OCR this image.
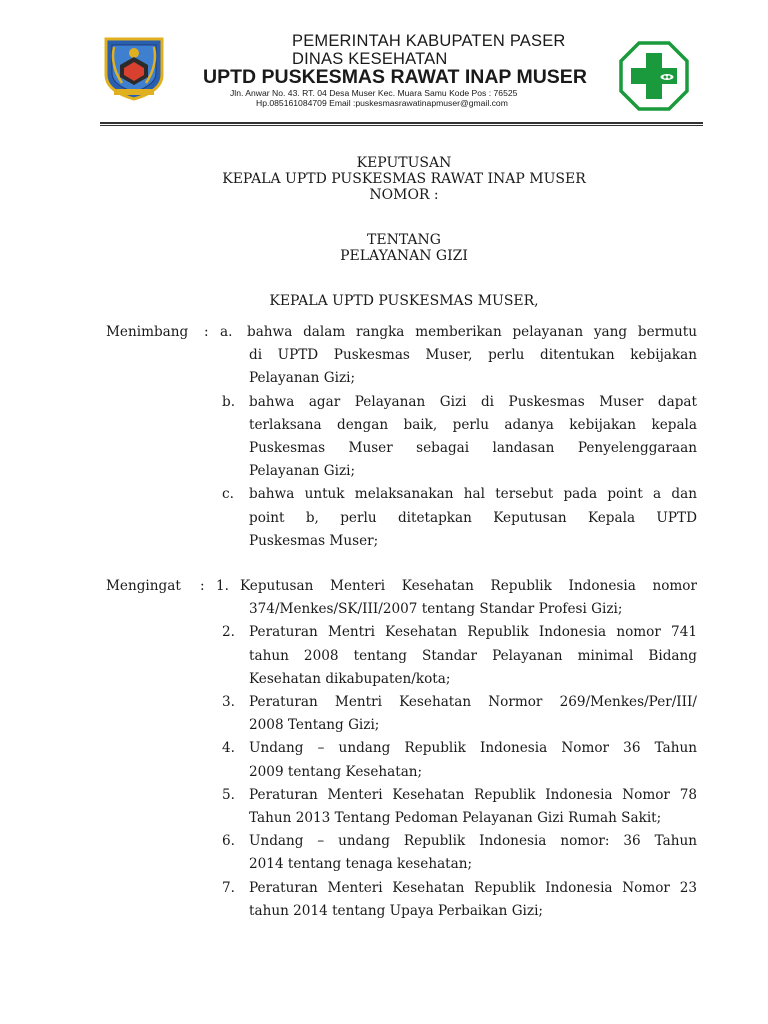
PEMERINTAH KABUPATEN PASER
DINAS KESEHATAN
UPTD PUSKESMAS RAWAT INAP MUSER
Jln. Anwar No. 43. RT. 04 Desa Muser Kec. Muara Samu Kode Pos : 76525
Hp.085161084709 Email :puskesmasrawatinapmuser@gmail.com
KEPUTUSAN
KEPALA UPTD PUSKESMAS RAWAT INAP MUSER
NOMOR :
TENTANG
PELAYANAN GIZI
KEPALA UPTD PUSKESMAS MUSER,
Menimbang : a. bahwa dalam rangka memberikan pelayanan yang bermutu
di UPTD Puskesmas Muser, perlu ditentukan kebijakan
Pelayanan Gizi;
b. bahwa agar Pelayanan Gizi di Puskesmas Muser dapat
terlaksana dengan baik, perlu adanya kebijakan kepala
Puskesmas Muser sebagai landasan Penyelenggaraan
Pelayanan Gizi;
c. bahwa untuk melaksanakan hal tersebut pada point a dan
point b, perlu ditetapkan Keputusan Kepala UPTD
Puskesmas Muser;
Mengingat : 1. Keputusan Menteri Kesehatan Republik Indonesia nomor
374/Menkes/SK/III/2007 tentang Standar Profesi Gizi;
2. Peraturan Mentri Kesehatan Republik Indonesia nomor 741
tahun 2008 tentang Standar Pelayanan minimal Bidang
Kesehatan dikabupaten/kota;
3. Peraturan Mentri Kesehatan Normor 269/Menkes/Per/III/
2008 Tentang Gizi;
4. Undang – undang Republik Indonesia Nomor 36 Tahun
2009 tentang Kesehatan;
5. Peraturan Menteri Kesehatan Republik Indonesia Nomor 78
Tahun 2013 Tentang Pedoman Pelayanan Gizi Rumah Sakit;
6. Undang – undang Republik Indonesia nomor: 36 Tahun
2014 tentang tenaga kesehatan;
7. Peraturan Menteri Kesehatan Republik Indonesia Nomor 23
tahun 2014 tentang Upaya Perbaikan Gizi;
